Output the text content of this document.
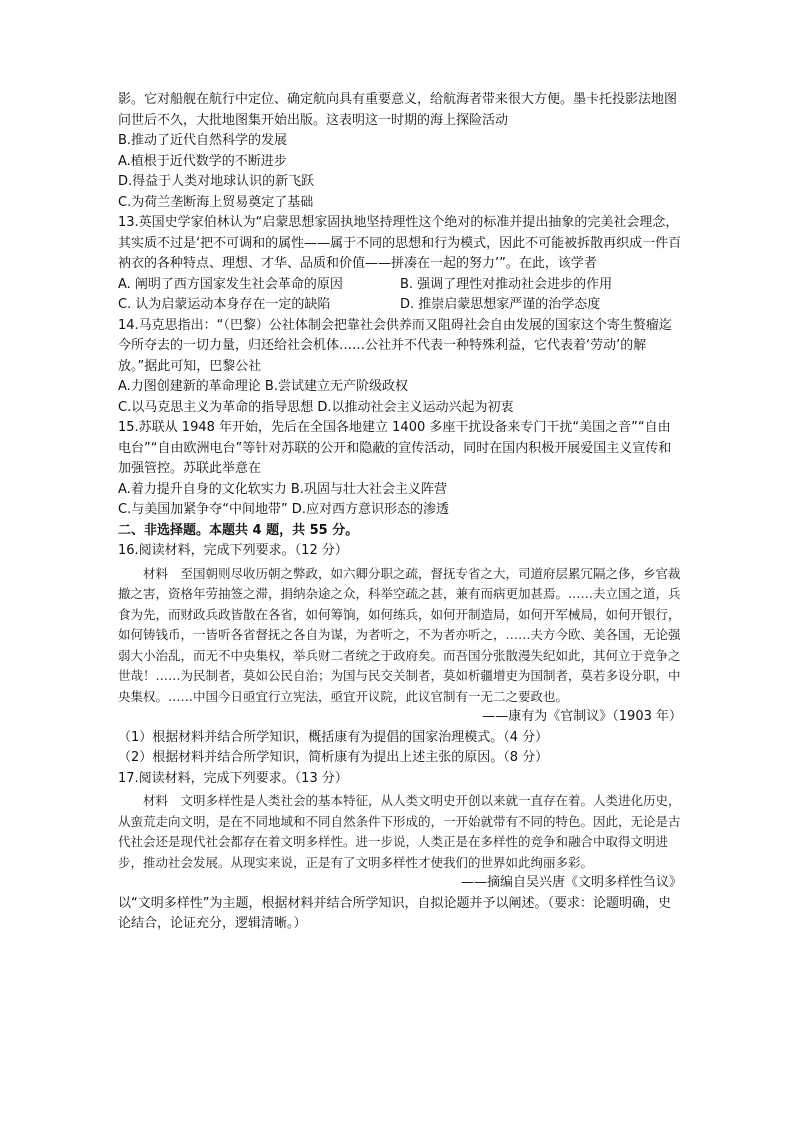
影。它对船舰在航行中定位、确定航向具有重要意义，给航海者带来很大方便。墨卡托投影法地图问世后不久，大批地图集开始出版。这表明这一时期的海上探险活动

B.推动了近代自然科学的发展

A.植根于近代数学的不断进步

D.得益于人类对地球认识的新飞跃

C.为荷兰垄断海上贸易奠定了基础

13.英国史学家伯林认为“启蒙思想家固执地坚持理性这个绝对的标准并提出抽象的完美社会理念，其实质不过是‘把不可调和的属性——属于不同的思想和行为模式，因此不可能被拆散再织成一件百衲衣的各种特点、理想、才华、品质和价值——拼凑在一起的努力’”。在此，该学者

A. 阐明了西方国家发生社会革命的原因	B. 强调了理性对推动社会进步的作用
C. 认为启蒙运动本身存在一定的缺陷	D. 推崇启蒙思想家严谨的治学态度

14.马克思指出：“（巴黎）公社体制会把靠社会供养而又阻碍社会自由发展的国家这个寄生赘瘤迄今所夺去的一切力量，归还给社会机体……公社并不代表一种特殊利益，它代表着‘劳动’的解放。”据此可知，巴黎公社

A.力图创建新的革命理论 B.尝试建立无产阶级政权

C.以马克思主义为革命的指导思想 D.以推动社会主义运动兴起为初衷

15.苏联从 1948 年开始，先后在全国各地建立 1400 多座干扰设备来专门干扰“美国之音”“自由电台”“自由欧洲电台”等针对苏联的公开和隐蔽的宣传活动，同时在国内积极开展爱国主义宣传和加强管控。苏联此举意在

A.着力提升自身的文化软实力 B.巩固与壮大社会主义阵营

C.与美国加紧争夺“中间地带” D.应对西方意识形态的渗透

二、非选择题。本题共 4 题，共 55 分。

16.阅读材料，完成下列要求。（12 分）

材料　至国朝则尽收历朝之弊政，如六卿分职之疏，督抚专省之大，司道府层累冗隔之侈，乡官裁撤之害，资格年劳抽签之滞，捐纳杂途之众，科举空疏之甚，兼有而病更加甚焉。……夫立国之道，兵食为先，而财政兵政皆散在各省，如何筹饷，如何练兵，如何开制造局，如何开军械局，如何开银行，如何铸钱币，一皆听各省督抚之各自为谋，为者听之，不为者亦听之，……夫方今欧、美各国，无论强弱大小治乱，而无不中央集权，举兵财二者统之于政府矣。而吾国分张散漫失纪如此，其何立于竞争之世哉！……为民制者，莫如公民自治；为国与民交关制者，莫如析疆增吏为国制者，莫若多设分职，中央集权。……中国今日亟宜行立宪法，亟宜开议院，此议官制有一无二之要政也。

——康有为《官制议》（1903 年）

（1）根据材料并结合所学知识，概括康有为提倡的国家治理模式。（4 分）

（2）根据材料并结合所学知识，简析康有为提出上述主张的原因。（8 分）

17.阅读材料，完成下列要求。（13 分）

材料　文明多样性是人类社会的基本特征，从人类文明史开创以来就一直存在着。人类进化历史，从蛮荒走向文明，是在不同地域和不同自然条件下形成的，一开始就带有不同的特色。因此，无论是古代社会还是现代社会都存在着文明多样性。进一步说，人类正是在多样性的竞争和融合中取得文明进步，推动社会发展。从现实来说，正是有了文明多样性才使我们的世界如此绚丽多彩。

——摘编自吴兴唐《文明多样性刍议》

以“文明多样性”为主题，根据材料并结合所学知识，自拟论题并予以阐述。（要求：论题明确，史论结合，论证充分，逻辑清晰。）
